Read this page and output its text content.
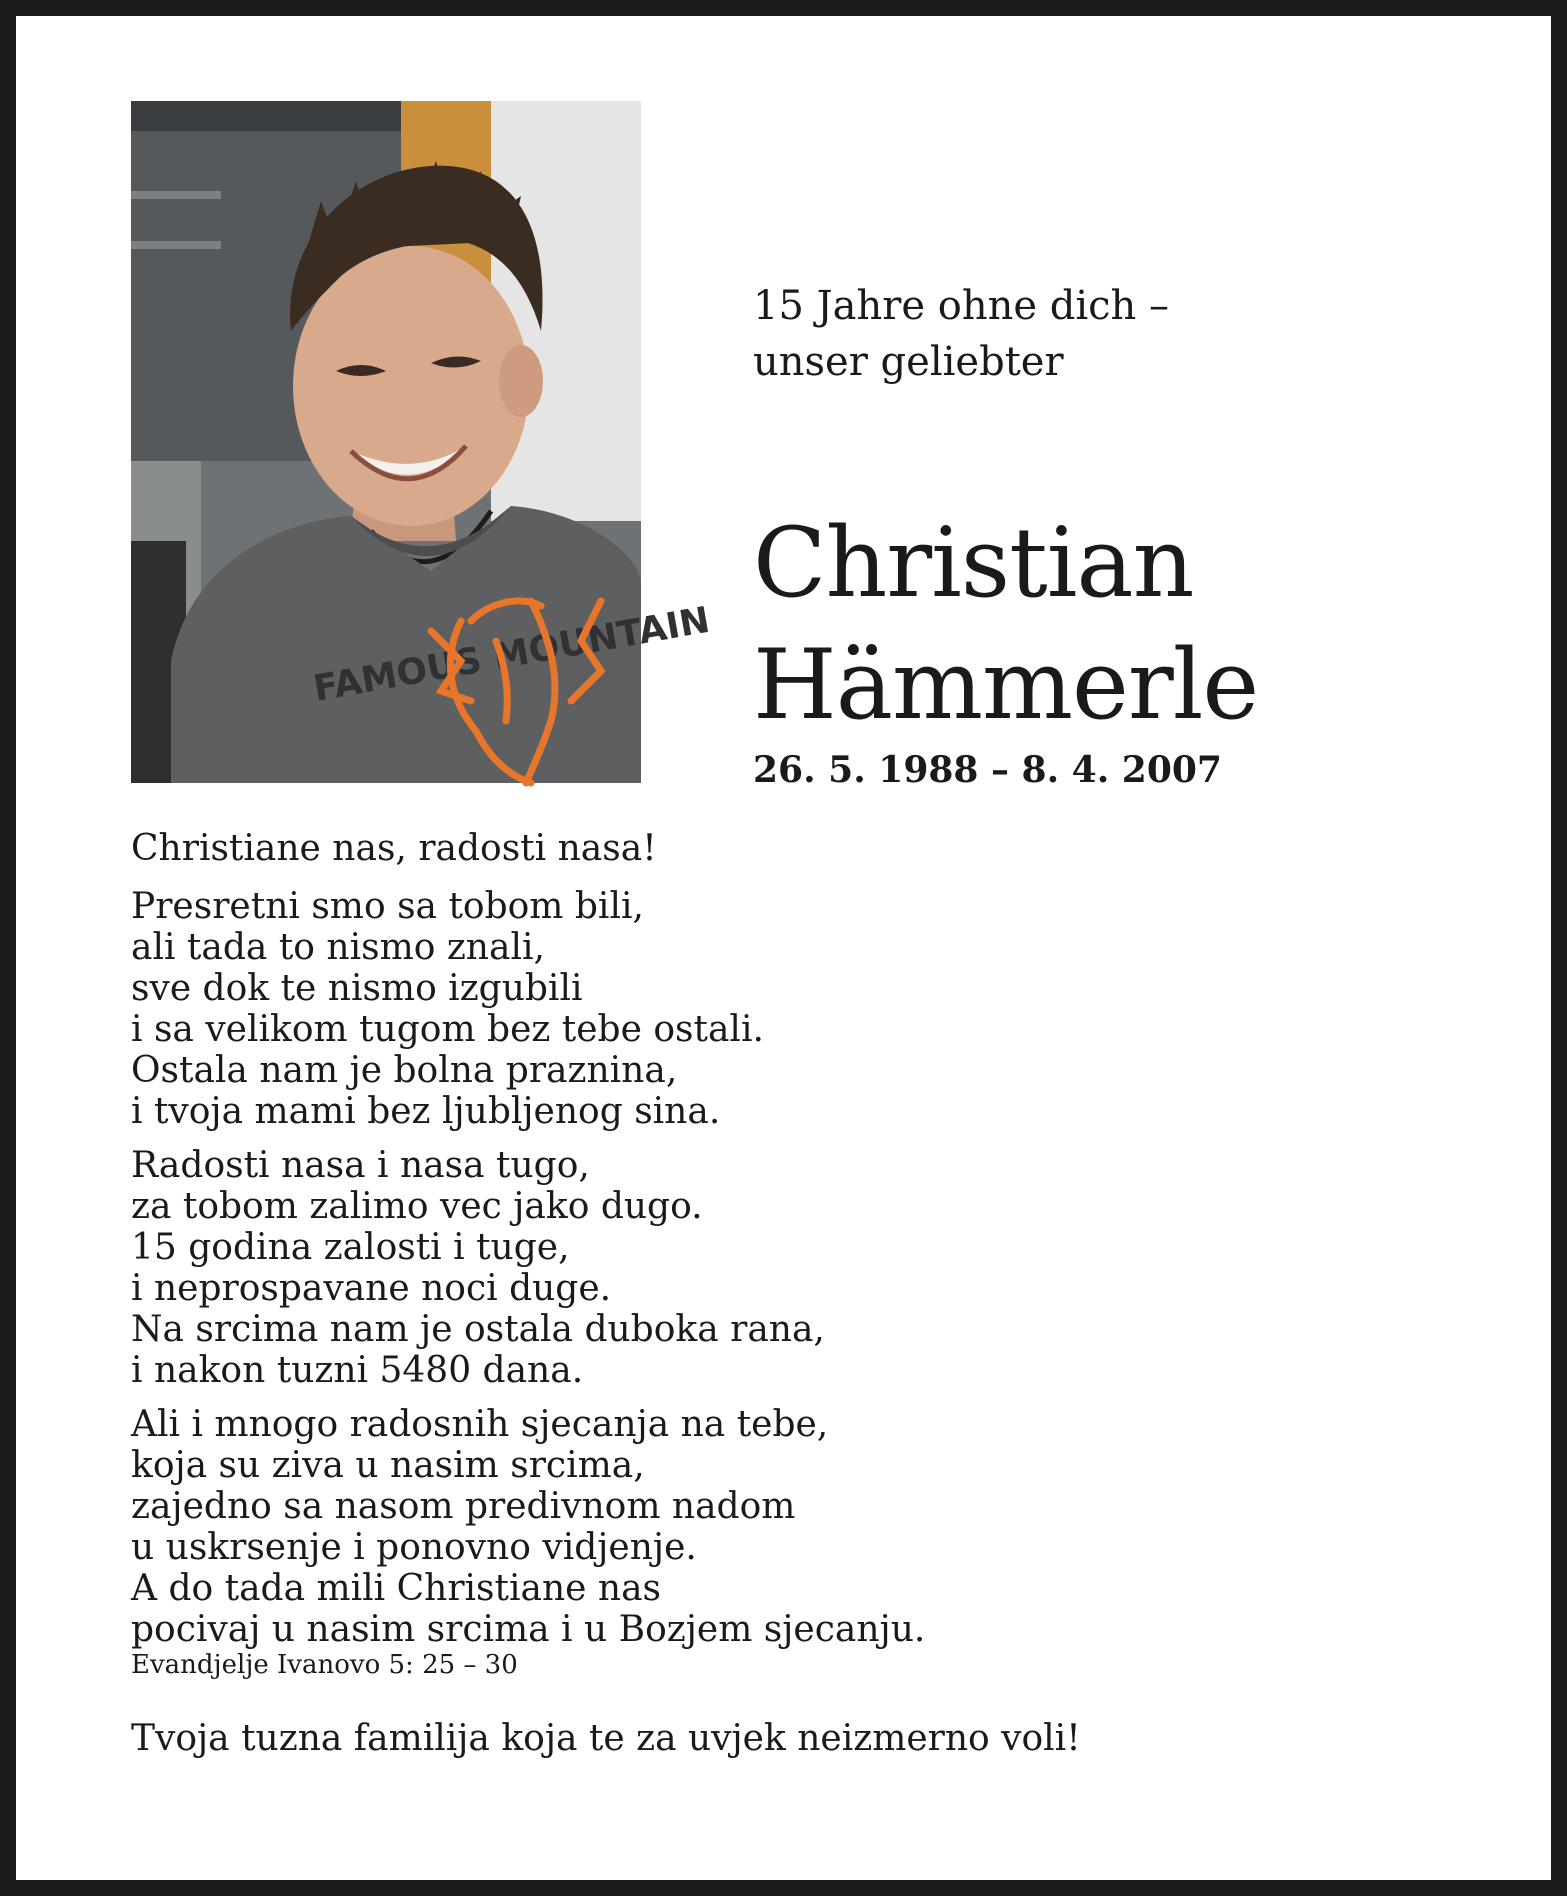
FAMOUS MOUNTAIN

15 Jahre ohne dich –
unser geliebter

Christian
Hämmerle

26. 5. 1988 – 8. 4. 2007

Christiane nas, radosti nasa!

Presretni smo sa tobom bili,
ali tada to nismo znali,
sve dok te nismo izgubili
i sa velikom tugom bez tebe ostali.
Ostala nam je bolna praznina,
i tvoja mami bez ljubljenog sina.

Radosti nasa i nasa tugo,
za tobom zalimo vec jako dugo.
15 godina zalosti i tuge,
i neprospavane noci duge.
Na srcima nam je ostala duboka rana,
i nakon tuzni 5480 dana.

Ali i mnogo radosnih sjecanja na tebe,
koja su ziva u nasim srcima,
zajedno sa nasom predivnom nadom
u uskrsenje i ponovno vidjenje.
A do tada mili Christiane nas
pocivaj u nasim srcima i u Bozjem sjecanju.

Evandjelje Ivanovo 5: 25 – 30

Tvoja tuzna familija koja te za uvjek neizmerno voli!
